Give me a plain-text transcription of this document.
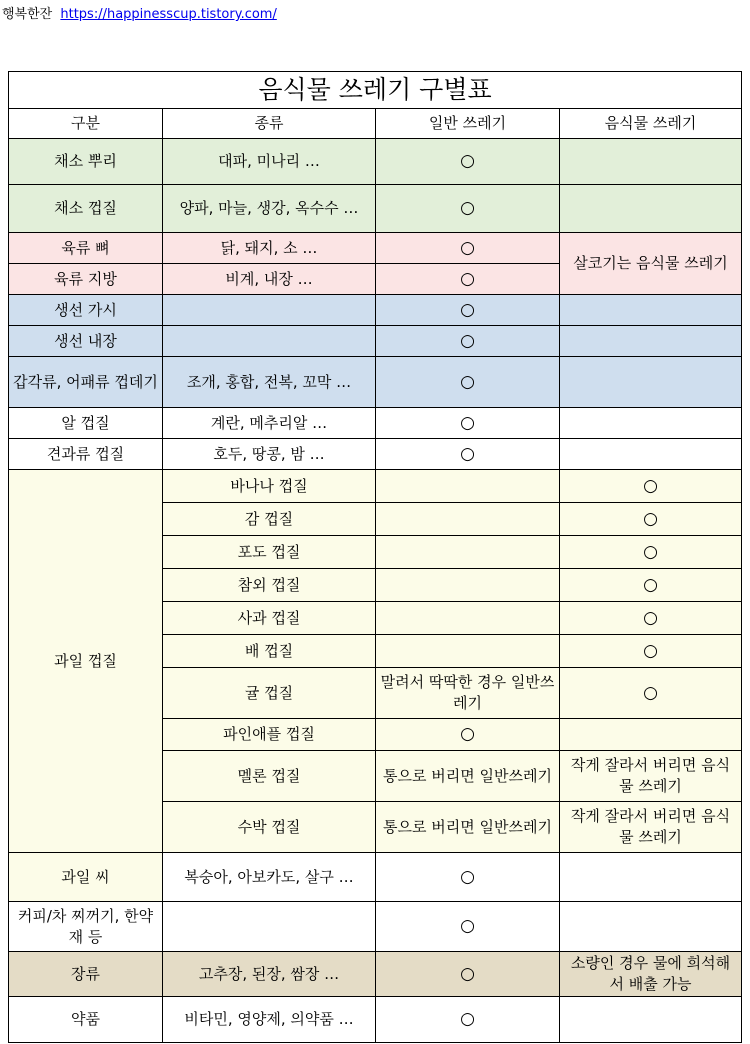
행복한잔 https://happinesscup.tistory.com/
음식물 쓰레기 구별표			
구분	종류	일반 쓰레기	음식물 쓰레기
채소 뿌리	대파, 미나리 …	○	
채소 껍질	양파, 마늘, 생강, 옥수수 …	○	
육류 뼈	닭, 돼지, 소 …	○	살코기는 음식물 쓰레기
육류 지방	비계, 내장 …	○	
생선 가시		○	
생선 내장		○	
갑각류, 어패류 껍데기	조개, 홍합, 전복, 꼬막 …	○	
알 껍질	계란, 메추리알 …	○	
견과류 껍질	호두, 땅콩, 밤 …	○	
과일 껍질	바나나 껍질		○
	감 껍질		○
	포도 껍질		○
	참외 껍질		○
	사과 껍질		○
	배 껍질		○
	귤 껍질	말려서 딱딱한 경우 일반쓰레기	○
	파인애플 껍질	○	
	멜론 껍질	통으로 버리면 일반쓰레기	작게 잘라서 버리면 음식물 쓰레기
	수박 껍질	통으로 버리면 일반쓰레기	작게 잘라서 버리면 음식물 쓰레기
과일 씨	복숭아, 아보카도, 살구 …	○	
커피/차 찌꺼기, 한약재 등		○	
장류	고추장, 된장, 쌈장 …	○	소량인 경우 물에 희석해서 배출 가능
약품	비타민, 영양제, 의약품 …	○	
